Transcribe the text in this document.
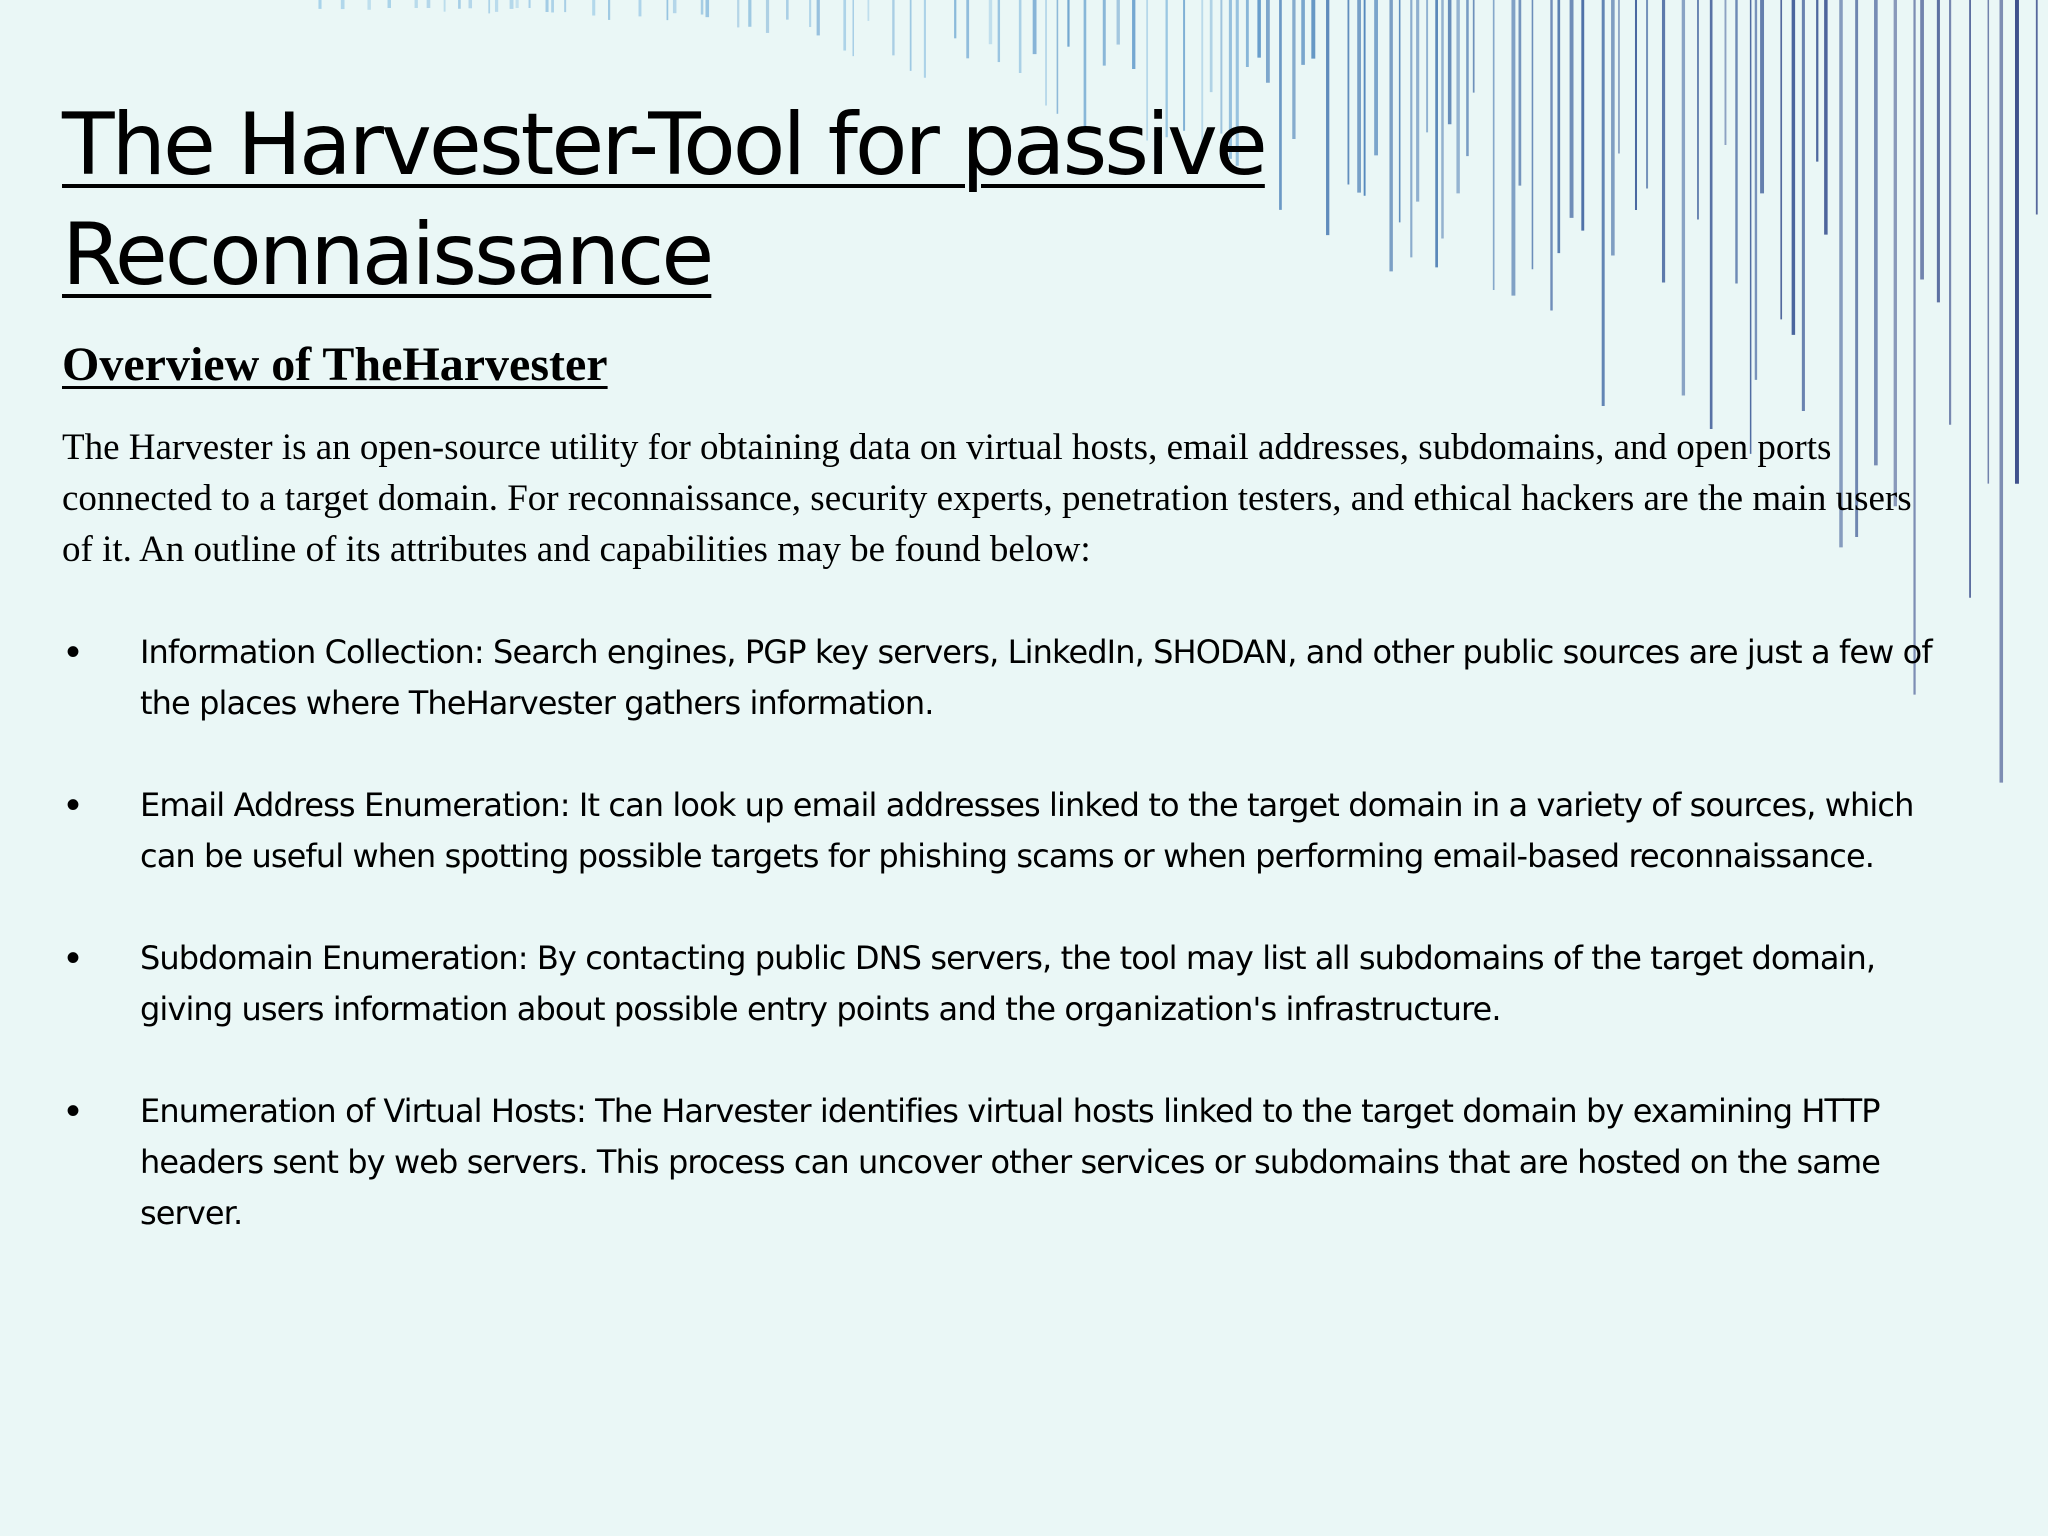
The Harvester-Tool for passive
Reconnaissance
Overview of TheHarvester

The Harvester is an open-source utility for obtaining data on virtual hosts, email addresses, subdomains, and open ports connected to a target domain. For reconnaissance, security experts, penetration testers, and ethical hackers are the main users of it. An outline of its attributes and capabilities may be found below:

• Information Collection: Search engines, PGP key servers, LinkedIn, SHODAN, and other public sources are just a few of the places where TheHarvester gathers information.
• Email Address Enumeration: It can look up email addresses linked to the target domain in a variety of sources, which can be useful when spotting possible targets for phishing scams or when performing email-based reconnaissance.
• Subdomain Enumeration: By contacting public DNS servers, the tool may list all subdomains of the target domain, giving users information about possible entry points and the organization's infrastructure.
• Enumeration of Virtual Hosts: The Harvester identifies virtual hosts linked to the target domain by examining HTTP headers sent by web servers. This process can uncover other services or subdomains that are hosted on the same server.
